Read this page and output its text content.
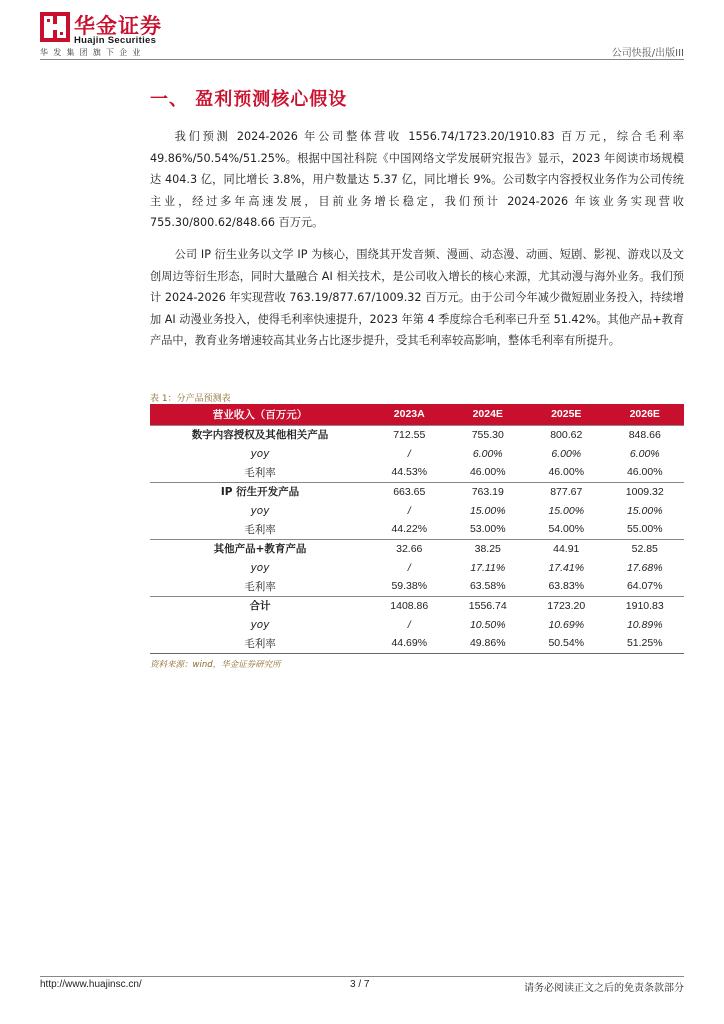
华金证券
Huajin Securities
华发集团旗下企业	公司快报/出版III
一、 盈利预测核心假设

我们预测 2024-2026 年公司整体营收 1556.74/1723.20/1910.83 百万元，综合毛利率 49.86%/50.54%/51.25%。根据中国社科院《中国网络文学发展研究报告》显示，2023 年阅读市场规模达 404.3 亿，同比增长 3.8%，用户数量达 5.37 亿，同比增长 9%。公司数字内容授权业务作为公司传统主业，经过多年高速发展，目前业务增长稳定，我们预计 2024-2026 年该业务实现营收 755.30/800.62/848.66 百万元。

公司 IP 衍生业务以文学 IP 为核心，围绕其开发音频、漫画、动态漫、动画、短剧、影视、游戏以及文创周边等衍生形态，同时大量融合 AI 相关技术，是公司收入增长的核心来源，尤其动漫与海外业务。我们预计 2024-2026 年实现营收 763.19/877.67/1009.32 百万元。由于公司今年减少微短剧业务投入，持续增加 AI 动漫业务投入，使得毛利率快速提升，2023 年第 4 季度综合毛利率已升至 51.42%。其他产品+教育产品中，教育业务增速较高其业务占比逐步提升，受其毛利率较高影响，整体毛利率有所提升。

表 1：分产品预测表
营业收入（百万元）	2023A	2024E	2025E	2026E
数字内容授权及其他相关产品	712.55	755.30	800.62	848.66
yoy	/	6.00%	6.00%	6.00%
毛利率	44.53%	46.00%	46.00%	46.00%
IP 衍生开发产品	663.65	763.19	877.67	1009.32
yoy	/	15.00%	15.00%	15.00%
毛利率	44.22%	53.00%	54.00%	55.00%
其他产品+教育产品	32.66	38.25	44.91	52.85
yoy	/	17.11%	17.41%	17.68%
毛利率	59.38%	63.58%	63.83%	64.07%
合计	1408.86	1556.74	1723.20	1910.83
yoy	/	10.50%	10.69%	10.89%
毛利率	44.69%	49.86%	50.54%	51.25%
资料来源：wind，华金证券研究所
http://www.huajinsc.cn/	3 / 7	请务必阅读正文之后的免责条款部分
